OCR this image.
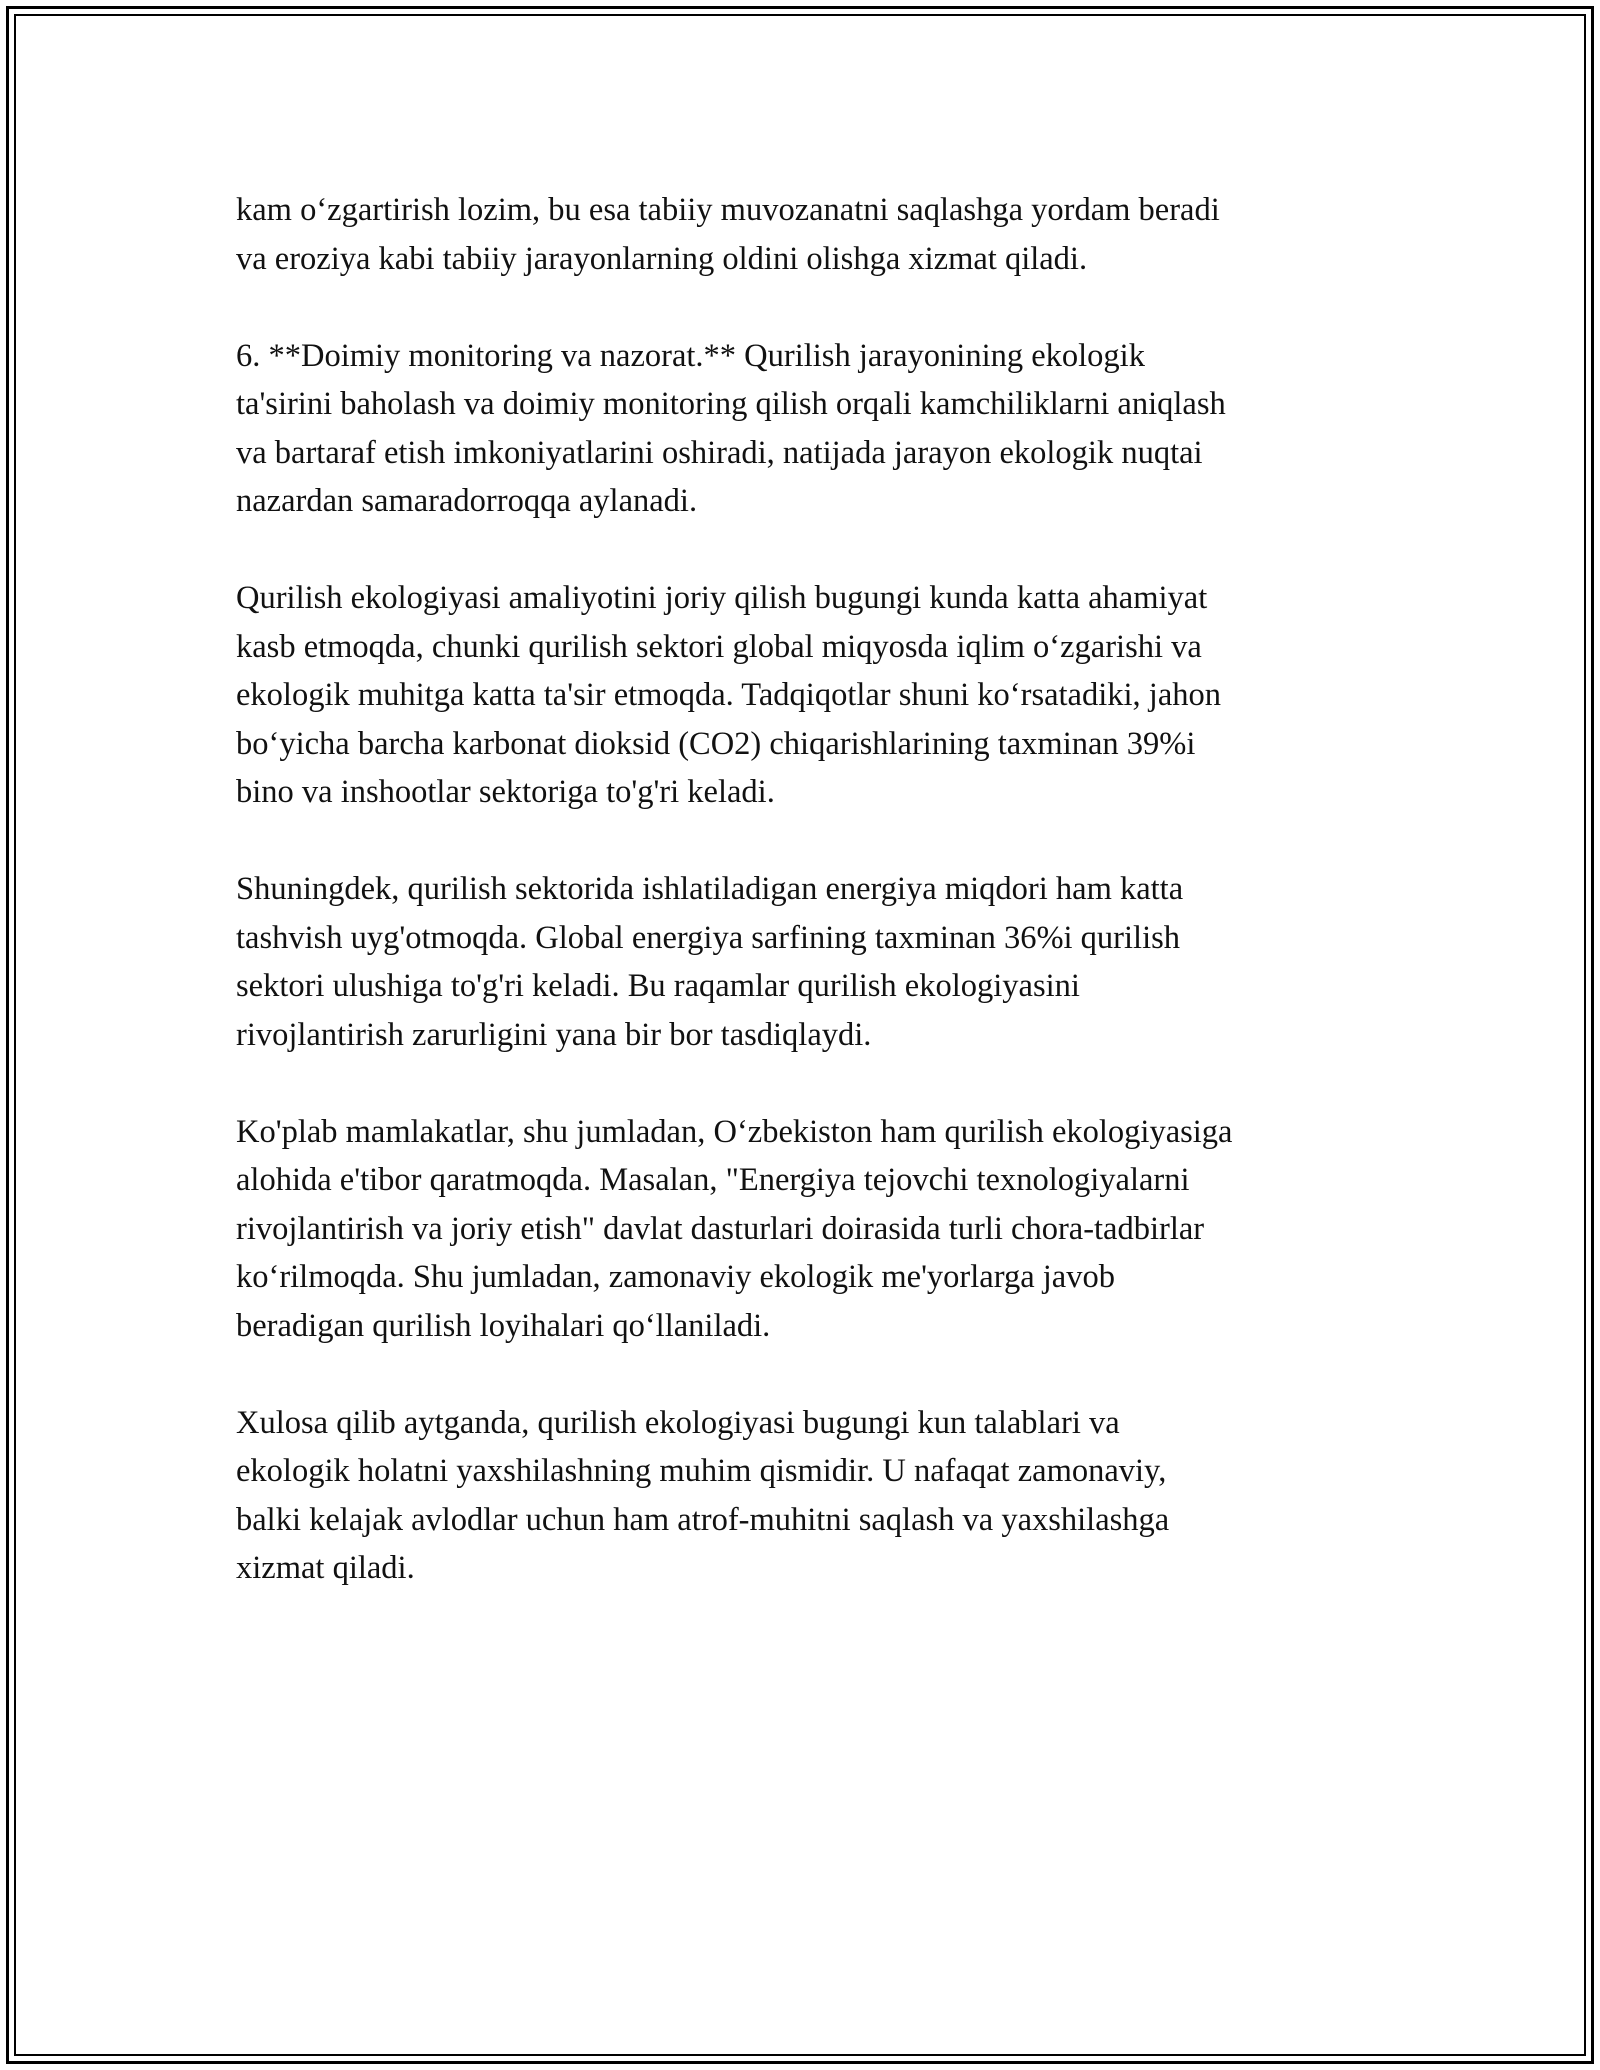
kam o‘zgartirish lozim, bu esa tabiiy muvozanatni saqlashga yordam beradi
va eroziya kabi tabiiy jarayonlarning oldini olishga xizmat qiladi.
6. **Doimiy monitoring va nazorat.** Qurilish jarayonining ekologik
ta'sirini baholash va doimiy monitoring qilish orqali kamchiliklarni aniqlash
va bartaraf etish imkoniyatlarini oshiradi, natijada jarayon ekologik nuqtai
nazardan samaradorroqqa aylanadi.
Qurilish ekologiyasi amaliyotini joriy qilish bugungi kunda katta ahamiyat
kasb etmoqda, chunki qurilish sektori global miqyosda iqlim o‘zgarishi va
ekologik muhitga katta ta'sir etmoqda. Tadqiqotlar shuni ko‘rsatadiki, jahon
bo‘yicha barcha karbonat dioksid (CO2) chiqarishlarining taxminan 39%i
bino va inshootlar sektoriga to'g'ri keladi.
Shuningdek, qurilish sektorida ishlatiladigan energiya miqdori ham katta
tashvish uyg'otmoqda. Global energiya sarfining taxminan 36%i qurilish
sektori ulushiga to'g'ri keladi. Bu raqamlar qurilish ekologiyasini
rivojlantirish zarurligini yana bir bor tasdiqlaydi.
Ko'plab mamlakatlar, shu jumladan, O‘zbekiston ham qurilish ekologiyasiga
alohida e'tibor qaratmoqda. Masalan, "Energiya tejovchi texnologiyalarni
rivojlantirish va joriy etish" davlat dasturlari doirasida turli chora-tadbirlar
ko‘rilmoqda. Shu jumladan, zamonaviy ekologik me'yorlarga javob
beradigan qurilish loyihalari qo‘llaniladi.
Xulosa qilib aytganda, qurilish ekologiyasi bugungi kun talablari va
ekologik holatni yaxshilashning muhim qismidir. U nafaqat zamonaviy,
balki kelajak avlodlar uchun ham atrof-muhitni saqlash va yaxshilashga
xizmat qiladi.
